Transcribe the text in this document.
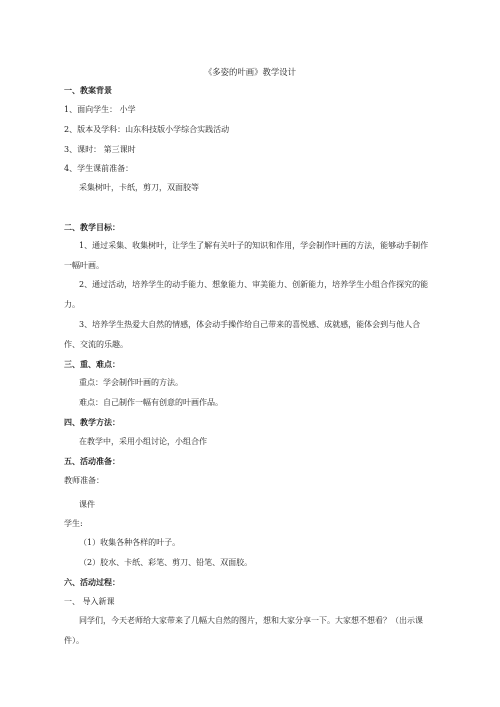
《多姿的叶画》教学设计
一、教案背景
1、面向学生： 小学
2、版本及学科：山东科技版小学综合实践活动
3、课时： 第三课时
4、学生课前准备：
采集树叶，卡纸，剪刀，双面胶等
二、教学目标：
1、通过采集、收集树叶，让学生了解有关叶子的知识和作用，学会制作叶画的方法，能够动手制作一幅叶画。
2、通过活动，培养学生的动手能力、想象能力、审美能力、创新能力，培养学生小组合作探究的能力。
3、培养学生热爱大自然的情感，体会动手操作给自己带来的喜悦感、成就感，能体会到与他人合作、交流的乐趣。
三、重、难点：
重点：学会制作叶画的方法。
难点：自己制作一幅有创意的叶画作品。
四、教学方法：
在教学中，采用小组讨论，小组合作
五、活动准备：
教师准备：
课件
学生:
（1）收集各种各样的叶子。
（2）胶水、卡纸、彩笔、剪刀、铅笔、双面胶。
六、活动过程：
一、 导入新课
同学们，今天老师给大家带来了几幅大自然的图片，想和大家分享一下。大家想不想看？（出示课件）。
